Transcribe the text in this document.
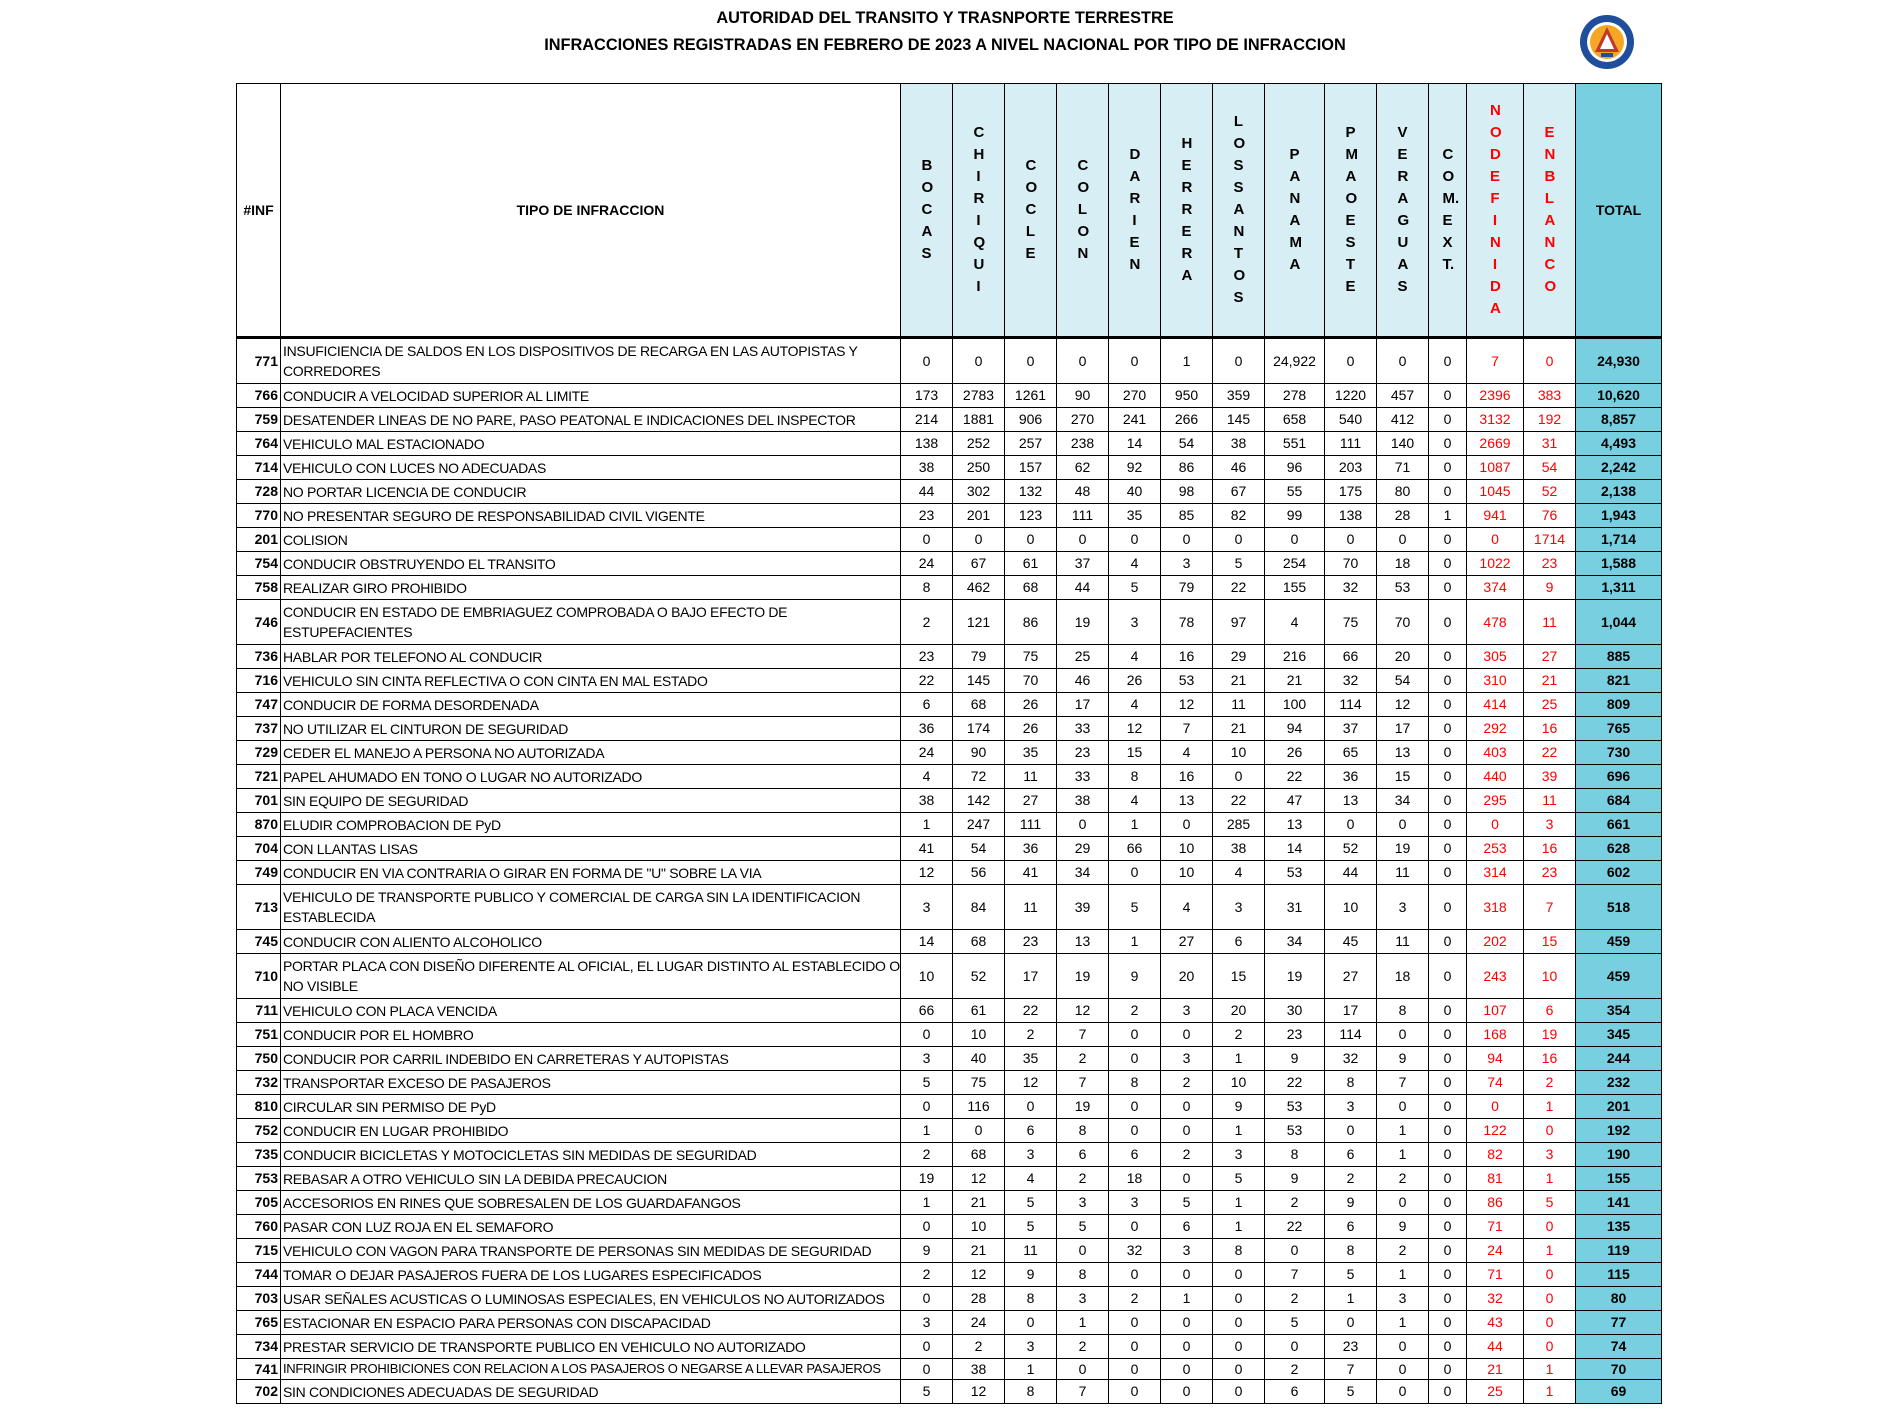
AUTORIDAD DEL TRANSITO Y TRASNPORTE TERRESTRE
INFRACCIONES REGISTRADAS EN FEBRERO DE 2023 A NIVEL NACIONAL POR TIPO DE INFRACCION
#INF	TIPO DE INFRACCION	BOCAS	CHIRIQUI	COCLE	COLON	DARIEN	HERRERA	LOS SANTOS	PANAMA	PMA OESTE	VERAGUAS	COM. EXT.	NO DEFINIDA	EN BLANCO	TOTAL
771	INSUFICIENCIA DE SALDOS EN LOS DISPOSITIVOS DE RECARGA EN LAS AUTOPISTAS Y CORREDORES	0	0	0	0	0	1	0	24,922	0	0	0	7	0	24,930
766	CONDUCIR A VELOCIDAD SUPERIOR AL LIMITE	173	2783	1261	90	270	950	359	278	1220	457	0	2396	383	10,620
759	DESATENDER LINEAS DE NO PARE, PASO PEATONAL E INDICACIONES DEL INSPECTOR	214	1881	906	270	241	266	145	658	540	412	0	3132	192	8,857
764	VEHICULO MAL ESTACIONADO	138	252	257	238	14	54	38	551	111	140	0	2669	31	4,493
714	VEHICULO CON LUCES NO ADECUADAS	38	250	157	62	92	86	46	96	203	71	0	1087	54	2,242
728	NO PORTAR LICENCIA DE CONDUCIR	44	302	132	48	40	98	67	55	175	80	0	1045	52	2,138
770	NO PRESENTAR SEGURO DE RESPONSABILIDAD CIVIL VIGENTE	23	201	123	111	35	85	82	99	138	28	1	941	76	1,943
201	COLISION	0	0	0	0	0	0	0	0	0	0	0	0	1714	1,714
754	CONDUCIR OBSTRUYENDO EL TRANSITO	24	67	61	37	4	3	5	254	70	18	0	1022	23	1,588
758	REALIZAR GIRO PROHIBIDO	8	462	68	44	5	79	22	155	32	53	0	374	9	1,311
746	CONDUCIR EN ESTADO DE EMBRIAGUEZ COMPROBADA O BAJO EFECTO DE ESTUPEFACIENTES	2	121	86	19	3	78	97	4	75	70	0	478	11	1,044
736	HABLAR POR TELEFONO AL CONDUCIR	23	79	75	25	4	16	29	216	66	20	0	305	27	885
716	VEHICULO SIN CINTA REFLECTIVA O CON CINTA EN MAL ESTADO	22	145	70	46	26	53	21	21	32	54	0	310	21	821
747	CONDUCIR DE FORMA DESORDENADA	6	68	26	17	4	12	11	100	114	12	0	414	25	809
737	NO UTILIZAR EL CINTURON DE SEGURIDAD	36	174	26	33	12	7	21	94	37	17	0	292	16	765
729	CEDER EL MANEJO A PERSONA NO AUTORIZADA	24	90	35	23	15	4	10	26	65	13	0	403	22	730
721	PAPEL AHUMADO EN TONO O LUGAR NO AUTORIZADO	4	72	11	33	8	16	0	22	36	15	0	440	39	696
701	SIN EQUIPO DE SEGURIDAD	38	142	27	38	4	13	22	47	13	34	0	295	11	684
870	ELUDIR COMPROBACION DE PyD	1	247	111	0	1	0	285	13	0	0	0	0	3	661
704	CON LLANTAS LISAS	41	54	36	29	66	10	38	14	52	19	0	253	16	628
749	CONDUCIR EN VIA CONTRARIA O GIRAR EN FORMA DE "U" SOBRE LA VIA	12	56	41	34	0	10	4	53	44	11	0	314	23	602
713	VEHICULO DE TRANSPORTE PUBLICO Y COMERCIAL DE CARGA SIN LA IDENTIFICACION ESTABLECIDA	3	84	11	39	5	4	3	31	10	3	0	318	7	518
745	CONDUCIR CON ALIENTO ALCOHOLICO	14	68	23	13	1	27	6	34	45	11	0	202	15	459
710	PORTAR PLACA CON DISEÑO DIFERENTE AL OFICIAL, EL LUGAR DISTINTO AL ESTABLECIDO O NO VISIBLE	10	52	17	19	9	20	15	19	27	18	0	243	10	459
711	VEHICULO CON PLACA VENCIDA	66	61	22	12	2	3	20	30	17	8	0	107	6	354
751	CONDUCIR POR EL HOMBRO	0	10	2	7	0	0	2	23	114	0	0	168	19	345
750	CONDUCIR POR CARRIL INDEBIDO EN CARRETERAS Y AUTOPISTAS	3	40	35	2	0	3	1	9	32	9	0	94	16	244
732	TRANSPORTAR EXCESO DE PASAJEROS	5	75	12	7	8	2	10	22	8	7	0	74	2	232
810	CIRCULAR SIN PERMISO DE PyD	0	116	0	19	0	0	9	53	3	0	0	0	1	201
752	CONDUCIR EN LUGAR PROHIBIDO	1	0	6	8	0	0	1	53	0	1	0	122	0	192
735	CONDUCIR BICICLETAS Y MOTOCICLETAS SIN MEDIDAS DE SEGURIDAD	2	68	3	6	6	2	3	8	6	1	0	82	3	190
753	REBASAR A OTRO VEHICULO SIN LA DEBIDA PRECAUCION	19	12	4	2	18	0	5	9	2	2	0	81	1	155
705	ACCESORIOS EN RINES QUE SOBRESALEN DE LOS GUARDAFANGOS	1	21	5	3	3	5	1	2	9	0	0	86	5	141
760	PASAR CON LUZ ROJA EN EL SEMAFORO	0	10	5	5	0	6	1	22	6	9	0	71	0	135
715	VEHICULO CON VAGON PARA TRANSPORTE DE PERSONAS SIN MEDIDAS DE SEGURIDAD	9	21	11	0	32	3	8	0	8	2	0	24	1	119
744	TOMAR O DEJAR PASAJEROS FUERA DE LOS LUGARES ESPECIFICADOS	2	12	9	8	0	0	0	7	5	1	0	71	0	115
703	USAR SEÑALES ACUSTICAS O LUMINOSAS ESPECIALES, EN VEHICULOS NO AUTORIZADOS	0	28	8	3	2	1	0	2	1	3	0	32	0	80
765	ESTACIONAR EN ESPACIO PARA PERSONAS CON DISCAPACIDAD	3	24	0	1	0	0	0	5	0	1	0	43	0	77
734	PRESTAR SERVICIO DE TRANSPORTE PUBLICO EN VEHICULO NO AUTORIZADO	0	2	3	2	0	0	0	0	23	0	0	44	0	74
741	INFRINGIR PROHIBICIONES CON RELACION A LOS PASAJEROS O NEGARSE A LLEVAR PASAJEROS	0	38	1	0	0	0	0	2	7	0	0	21	1	70
702	SIN CONDICIONES ADECUADAS DE SEGURIDAD	5	12	8	7	0	0	0	6	5	0	0	25	1	69
